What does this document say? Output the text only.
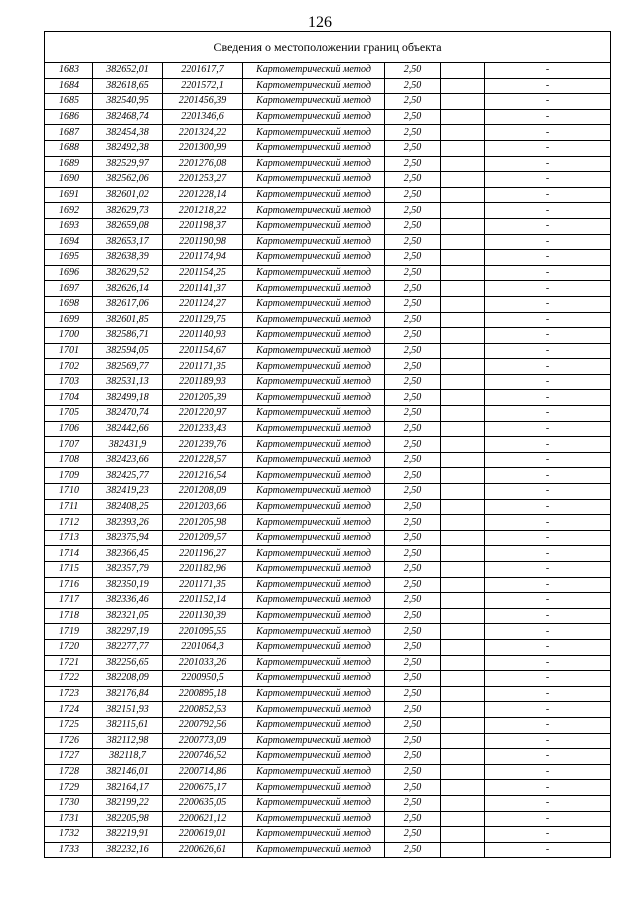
126
Сведения о местоположении границ объекта						
1683	382652,01	2201617,7	Картометрический метод	2,50		-
1684	382618,65	2201572,1	Картометрический метод	2,50		-
1685	382540,95	2201456,39	Картометрический метод	2,50		-
1686	382468,74	2201346,6	Картометрический метод	2,50		-
1687	382454,38	2201324,22	Картометрический метод	2,50		-
1688	382492,38	2201300,99	Картометрический метод	2,50		-
1689	382529,97	2201276,08	Картометрический метод	2,50		-
1690	382562,06	2201253,27	Картометрический метод	2,50		-
1691	382601,02	2201228,14	Картометрический метод	2,50		-
1692	382629,73	2201218,22	Картометрический метод	2,50		-
1693	382659,08	2201198,37	Картометрический метод	2,50		-
1694	382653,17	2201190,98	Картометрический метод	2,50		-
1695	382638,39	2201174,94	Картометрический метод	2,50		-
1696	382629,52	2201154,25	Картометрический метод	2,50		-
1697	382626,14	2201141,37	Картометрический метод	2,50		-
1698	382617,06	2201124,27	Картометрический метод	2,50		-
1699	382601,85	2201129,75	Картометрический метод	2,50		-
1700	382586,71	2201140,93	Картометрический метод	2,50		-
1701	382594,05	2201154,67	Картометрический метод	2,50		-
1702	382569,77	2201171,35	Картометрический метод	2,50		-
1703	382531,13	2201189,93	Картометрический метод	2,50		-
1704	382499,18	2201205,39	Картометрический метод	2,50		-
1705	382470,74	2201220,97	Картометрический метод	2,50		-
1706	382442,66	2201233,43	Картометрический метод	2,50		-
1707	382431,9	2201239,76	Картометрический метод	2,50		-
1708	382423,66	2201228,57	Картометрический метод	2,50		-
1709	382425,77	2201216,54	Картометрический метод	2,50		-
1710	382419,23	2201208,09	Картометрический метод	2,50		-
1711	382408,25	2201203,66	Картометрический метод	2,50		-
1712	382393,26	2201205,98	Картометрический метод	2,50		-
1713	382375,94	2201209,57	Картометрический метод	2,50		-
1714	382366,45	2201196,27	Картометрический метод	2,50		-
1715	382357,79	2201182,96	Картометрический метод	2,50		-
1716	382350,19	2201171,35	Картометрический метод	2,50		-
1717	382336,46	2201152,14	Картометрический метод	2,50		-
1718	382321,05	2201130,39	Картометрический метод	2,50		-
1719	382297,19	2201095,55	Картометрический метод	2,50		-
1720	382277,77	2201064,3	Картометрический метод	2,50		-
1721	382256,65	2201033,26	Картометрический метод	2,50		-
1722	382208,09	2200950,5	Картометрический метод	2,50		-
1723	382176,84	2200895,18	Картометрический метод	2,50		-
1724	382151,93	2200852,53	Картометрический метод	2,50		-
1725	382115,61	2200792,56	Картометрический метод	2,50		-
1726	382112,98	2200773,09	Картометрический метод	2,50		-
1727	382118,7	2200746,52	Картометрический метод	2,50		-
1728	382146,01	2200714,86	Картометрический метод	2,50		-
1729	382164,17	2200675,17	Картометрический метод	2,50		-
1730	382199,22	2200635,05	Картометрический метод	2,50		-
1731	382205,98	2200621,12	Картометрический метод	2,50		-
1732	382219,91	2200619,01	Картометрический метод	2,50		-
1733	382232,16	2200626,61	Картометрический метод	2,50		-
